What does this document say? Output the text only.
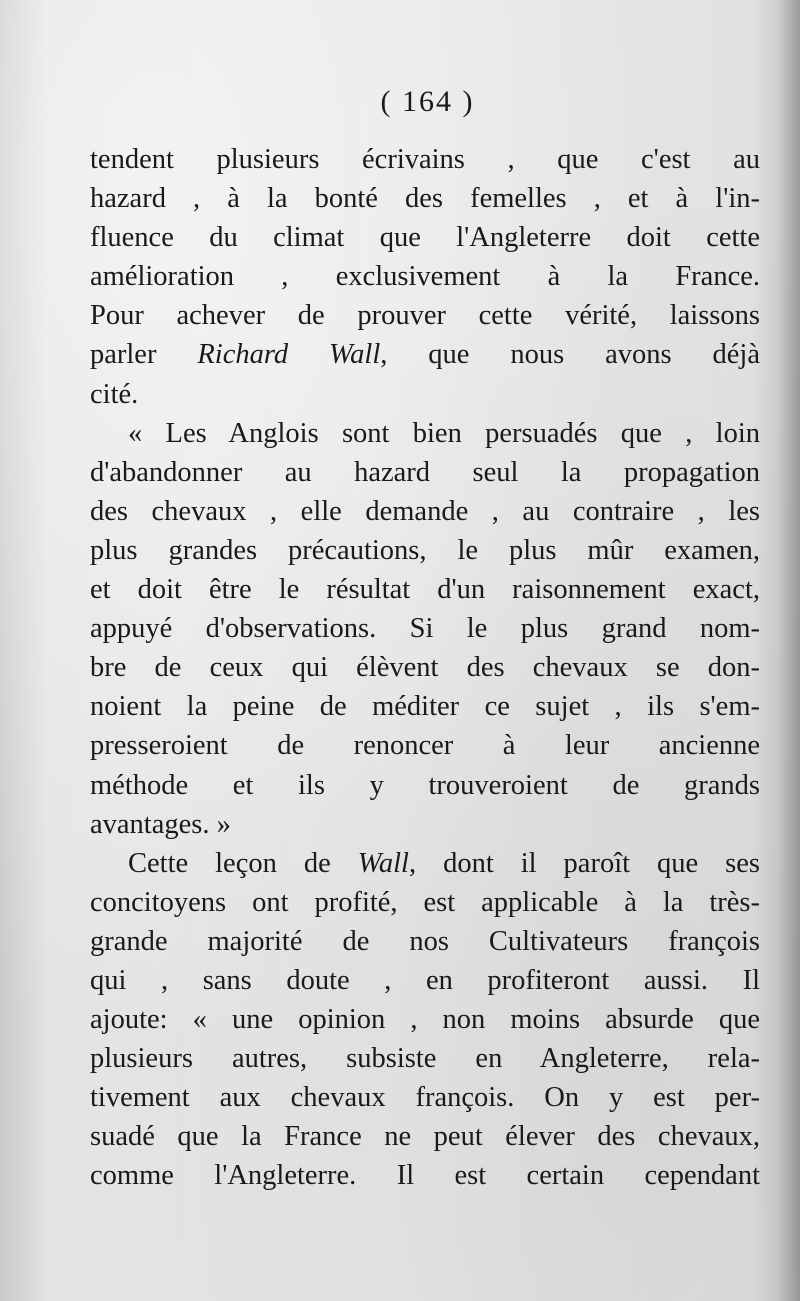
( 164 )
tendent plusieurs écrivains , que c'est au
hazard , à la bonté des femelles , et à l'in-
fluence du climat que l'Angleterre doit cette
amélioration , exclusivement à la France.
Pour achever de prouver cette vérité, laissons
parler Richard Wall, que nous avons déjà
cité.
« Les Anglois sont bien persuadés que , loin
d'abandonner au hazard seul la propagation
des chevaux , elle demande , au contraire , les
plus grandes précautions, le plus mûr examen,
et doit être le résultat d'un raisonnement exact,
appuyé d'observations. Si le plus grand nom-
bre de ceux qui élèvent des chevaux se don-
noient la peine de méditer ce sujet , ils s'em-
presseroient de renoncer à leur ancienne
méthode et ils y trouveroient de grands
avantages. »
Cette leçon de Wall, dont il paroît que ses
concitoyens ont profité, est applicable à la très-
grande majorité de nos Cultivateurs françois
qui , sans doute , en profiteront aussi. Il
ajoute: « une opinion , non moins absurde que
plusieurs autres, subsiste en Angleterre, rela-
tivement aux chevaux françois. On y est per-
suadé que la France ne peut élever des chevaux,
comme l'Angleterre. Il est certain cependant
